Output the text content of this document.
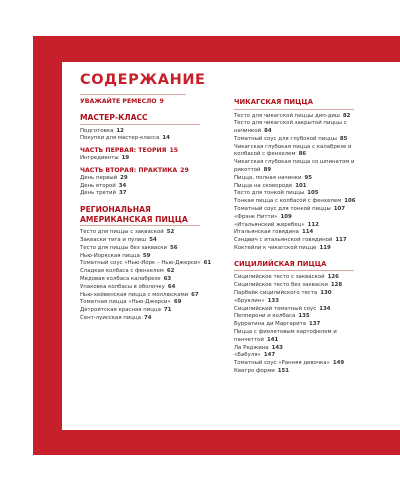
СОДЕРЖАНИЕ
УВАЖАЙТЕ РЕМЕСЛО 9
МАСТЕР-КЛАСС
Подготовка 12
Покупки для мастер-класса 14
ЧАСТЬ ПЕРВАЯ: ТЕОРИЯ 15
Ингредиенты 19
ЧАСТЬ ВТОРАЯ: ПРАКТИКА 29
День первый 29
День второй 34
День третий 37
РЕГИОНАЛЬНАЯ
АМЕРИКАНСКАЯ ПИЦЦА
Тесто для пиццы с закваской 52
Закваски тига и пулиш 54
Тесто для пиццы без закваски 56
Нью-Йоркская пицца 59
Томатный соус «Нью-Йорк – Нью-Джерси» 61
Сладкая колбаса с фенхелем 62
Медовая колбаса калабрезе 63
Упаковка колбасы в оболочку 64
Нью-хейвенская пицца с моллюсками 67
Томатная пицца «Нью-Джерси» 69
Детройтская красная пицца 71
Сент-луисская пицца 74
ЧИКАГСКАЯ ПИЦЦА
Тесто для чикагской пиццы дип-диш 82
Тесто для чикагской закрытой пиццы с начинкой 84
Томатный соус для глубокой пиццы 85
Чикагская глубокая пицца с калабрезе и колбасой с фенхелем 86
Чикагская глубокая пицца со шпинатом и рикоттой 89
Пицца, полная начинки 95
Пицца на сковороде 101
Тесто для тонкой пиццы 105
Тонкая пицца с колбасой с фенхелем 106
Томатный соус для тонкой пиццы 107
«Фрэнк Нитти» 109
«Итальянский жеребец» 112
Итальянская говядина 114
Сэндвич с итальянской говядиной 117
Коктейли к чикагской пицце 119
СИЦИЛИЙСКАЯ ПИЦЦА
Сицилийское тесто с закваской 126
Сицилийское тесто без закваски 128
Парбейк сицилийского теста 130
«Бруклин» 133
Сицилийский томатный соус 134
Пепперони и колбаса 135
Бурратина ди Маргарита 137
Пицца с фиолетовым картофелем и панчеттой 141
Ла Реджина 143
«Бабуля» 147
Томатный соус «Ранняя девочка» 149
Кватро форми 151
